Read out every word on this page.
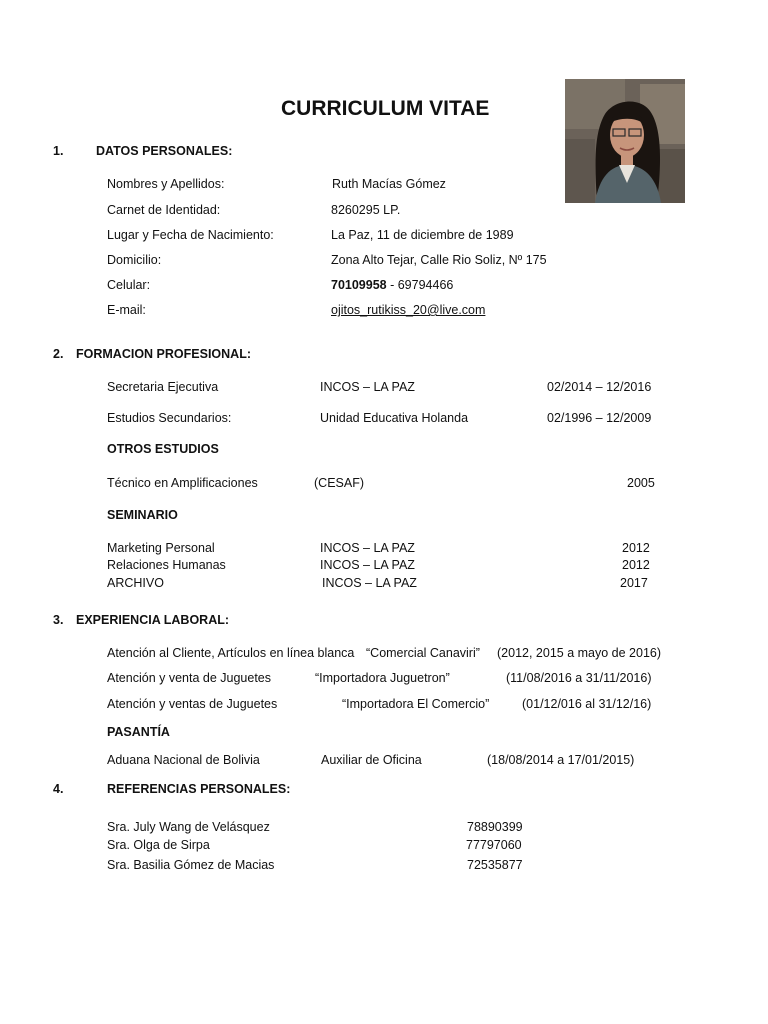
CURRICULUM VITAE
1.	DATOS PERSONALES:
Nombres y Apellidos:	Ruth Macías Gómez
Carnet de Identidad:	8260295 LP.
Lugar y Fecha de Nacimiento:	La Paz, 11 de diciembre de 1989
Domicilio:	Zona Alto Tejar, Calle Rio Soliz, Nº 175
Celular:	70109958 - 69794466
E-mail:	ojitos_rutikiss_20@live.com
2. FORMACION PROFESIONAL:
Secretaria Ejecutiva	INCOS – LA PAZ	02/2014 – 12/2016
Estudios Secundarios:	Unidad Educativa Holanda	02/1996 – 12/2009
OTROS ESTUDIOS
Técnico en Amplificaciones	(CESAF)	2005
SEMINARIO
Marketing Personal	INCOS – LA PAZ	2012
Relaciones Humanas	INCOS – LA PAZ	2012
ARCHIVO	INCOS – LA PAZ	2017
3. EXPERIENCIA LABORAL:
Atención al Cliente, Artículos en línea blanca “Comercial Canaviri” (2012, 2015 a mayo de 2016)
Atención y venta de Juguetes	“Importadora Juguetron”	(11/08/2016 a 31/11/2016)
Atención y ventas de Juguetes	“Importadora El Comercio”	(01/12/016 al 31/12/16)
PASANTÍA
Aduana Nacional de Bolivia	Auxiliar de Oficina	(18/08/2014 a 17/01/2015)
4.	REFERENCIAS PERSONALES:
Sra. July Wang de Velásquez	78890399
Sra. Olga de Sirpa	77797060
Sra. Basilia Gómez de Macias	72535877
